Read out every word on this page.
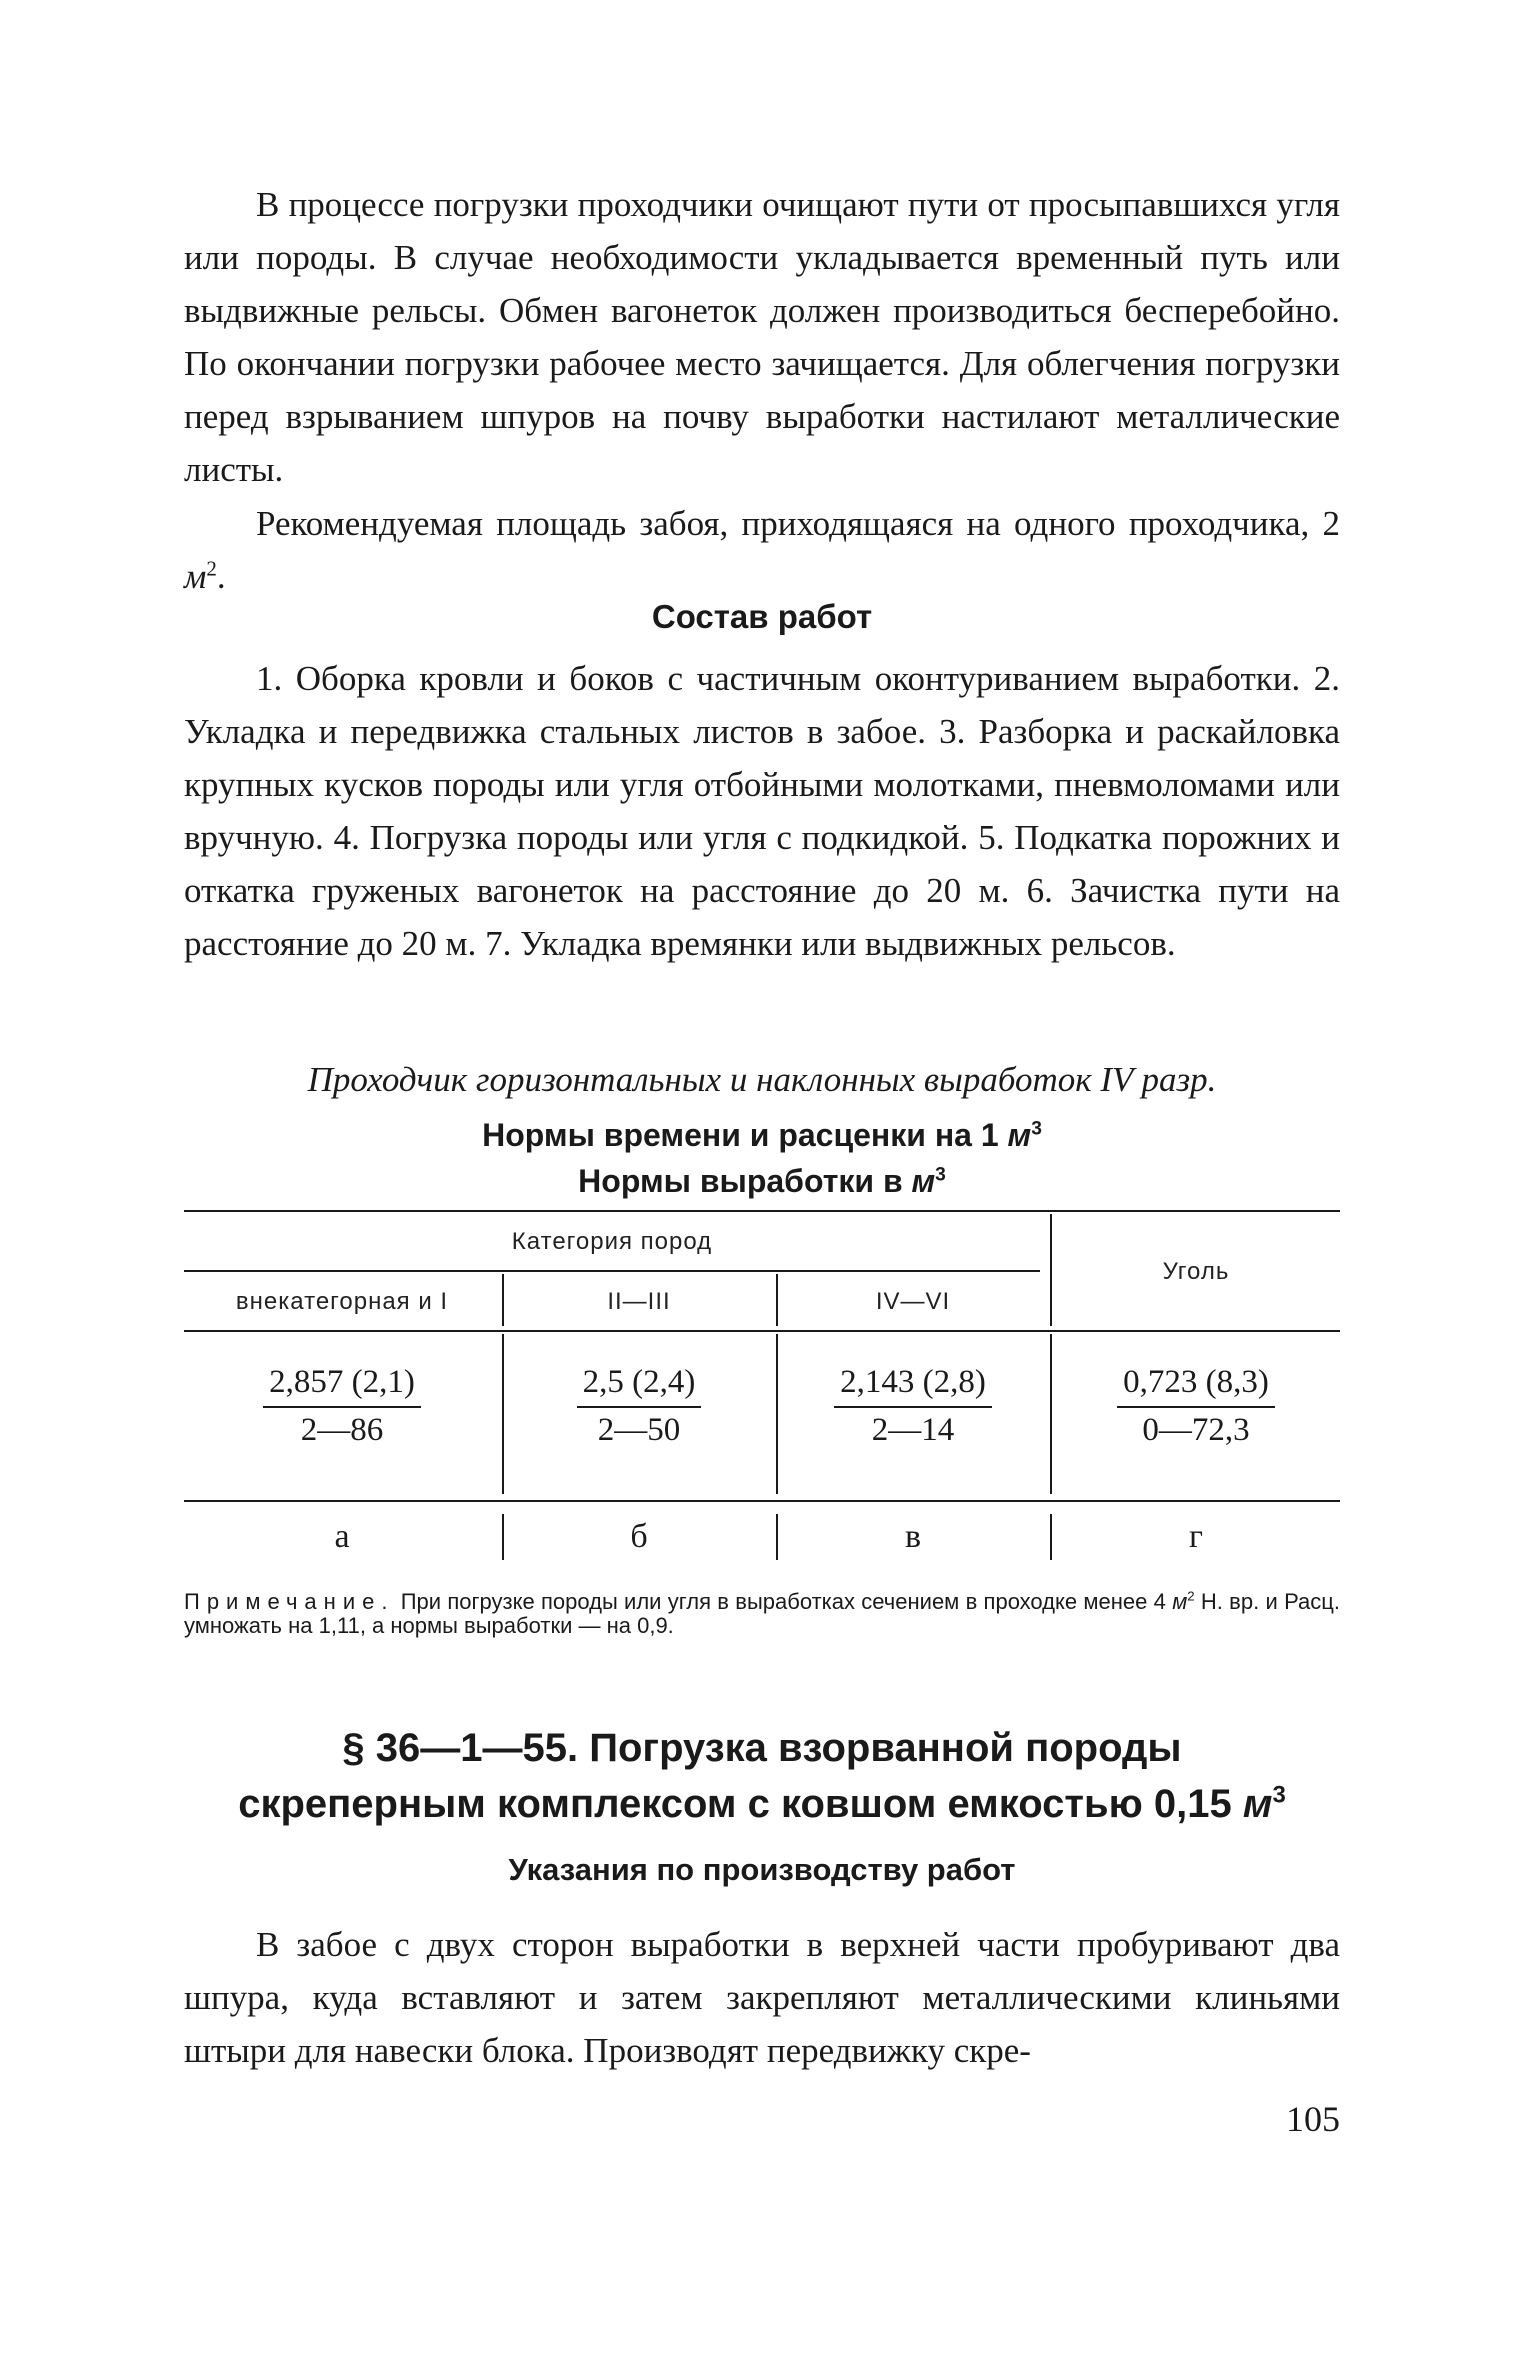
В процессе погрузки проходчики очищают пути от просыпавшихся угля или породы. В случае необходимости укладывается временный путь или выдвижные рельсы. Обмен вагонеток должен производиться бесперебойно. По окончании погрузки рабочее место зачищается. Для облегчения погрузки перед взрыванием шпуров на почву выработки настилают металлические листы.

Рекомендуемая площадь забоя, приходящаяся на одного проходчика, 2 $м^2$.

Состав работ

1. Оборка кровли и боков с частичным оконтуриванием выработки. 2. Укладка и передвижка стальных листов в забое. 3. Разборка и раскайловка крупных кусков породы или угля отбойными молотками, пневмоломами или вручную. 4. Погрузка породы или угля с подкидкой. 5. Подкатка порожних и откатка груженых вагонеток на расстояние до 20 м. 6. Зачистка пути на расстояние до 20 м. 7. Укладка времянки или выдвижных рельсов.

Проходчик горизонтальных и наклонных выработок IV разр.
Нормы времени и расценки на 1 $м^3$
Нормы выработки в $м^3$
Категория пород
внекатегорная и I	II—III	IV—VI
Уголь
$\frac{2,857 (2,1)}{2—86} \frac{2,5 (2,4)}{2—50} \frac{2,143 (2,8)}{2—14} \frac{0,723 (8,3)}{0—72,3}$
а	б	в	г
Примечание. При погрузке породы или угля в выработках сечением в проходке менее 4 $м^2$ Н. вр. и Расц. умножать на 1,11, а нормы выработки — на 0,9.
§ 36—1—55. Погрузка взорванной породы
скреперным комплексом с ковшом емкостью 0,15 $м^3$
Указания по производству работ

В забое с двух сторон выработки в верхней части пробуривают два шпура, куда вставляют и затем закрепляют металлическими клиньями штыри для навески блока. Производят передвижку скре-

105
